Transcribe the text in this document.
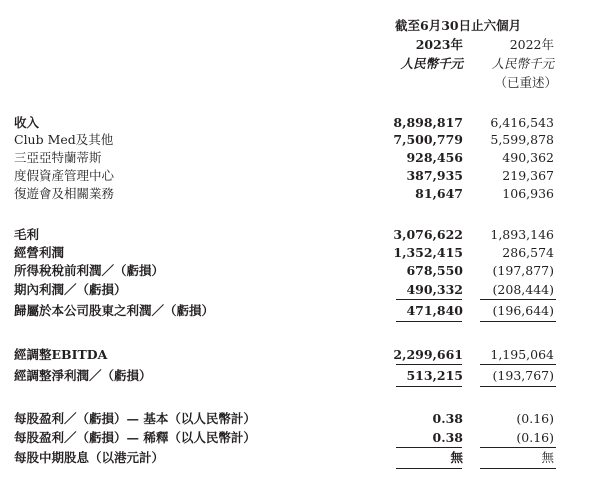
截至6月30日止六個月
2023年	2022年
人民幣千元 人民幣千元
（已重述）
收入	8,898,817 6,416,543
Club Med及其他	7,500,779 5,599,878
三亞亞特蘭蒂斯	928,456	490,362
度假資產管理中心	387,935	219,367
復遊會及相關業務	81,647	106,936
毛利	3,076,622 1,893,146
經營利潤	1,352,415	286,574
所得稅稅前利潤／（虧損）	678,550 (197,877)
期內利潤／（虧損）	490,332 (208,444)
歸屬於本公司股東之利潤／（虧損）	471,840 (196,644)
經調整EBITDA	2,299,661 1,195,064
經調整淨利潤／（虧損）	513,215 (193,767)
每股盈利／（虧損）— 基本（以人民幣計）	0.38	(0.16)
每股盈利／（虧損）— 稀釋（以人民幣計）	0.38	(0.16)
每股中期股息（以港元計）	無	無
